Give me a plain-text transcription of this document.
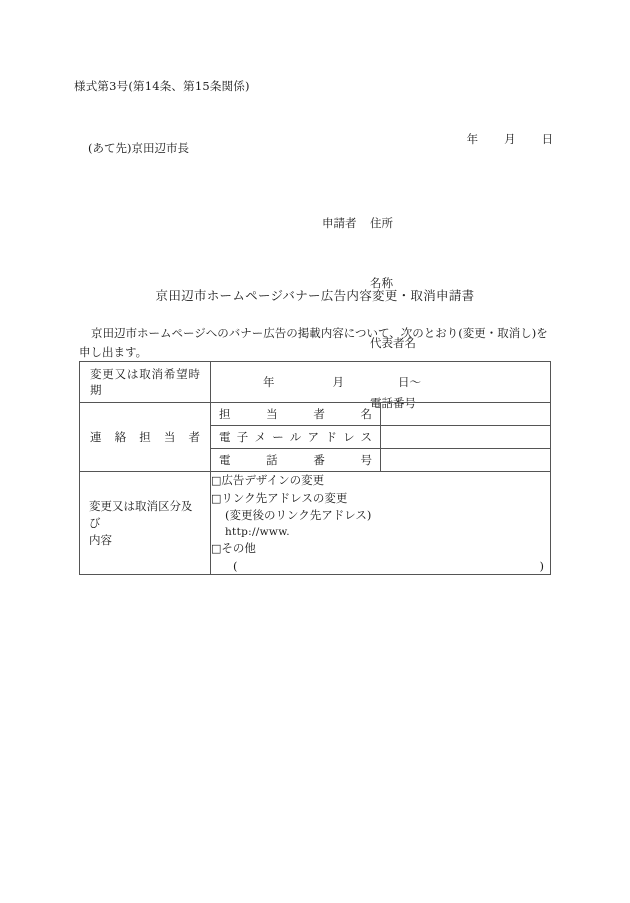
様式第3号(第14条、第15条関係)

年 月 日

(あて先)京田辺市長

申請者	住所

名称

代表者名

電話番号

京田辺市ホームページバナー広告内容変更・取消申請書
京田辺市ホームページへのバナー広告の掲載内容について、次のとおり(変更・取消し)を申し出ます。
変更又は取消希望時期	年 月 日〜	

連絡担当者	担当者名	

	電子メールアドレス	

	電話番号	

変更又は取消区分及び
内容

□広告デザインの変更
□リンク先アドレスの変更
(変更後のリンク先アドレス)
http://www.
□その他
(	)
